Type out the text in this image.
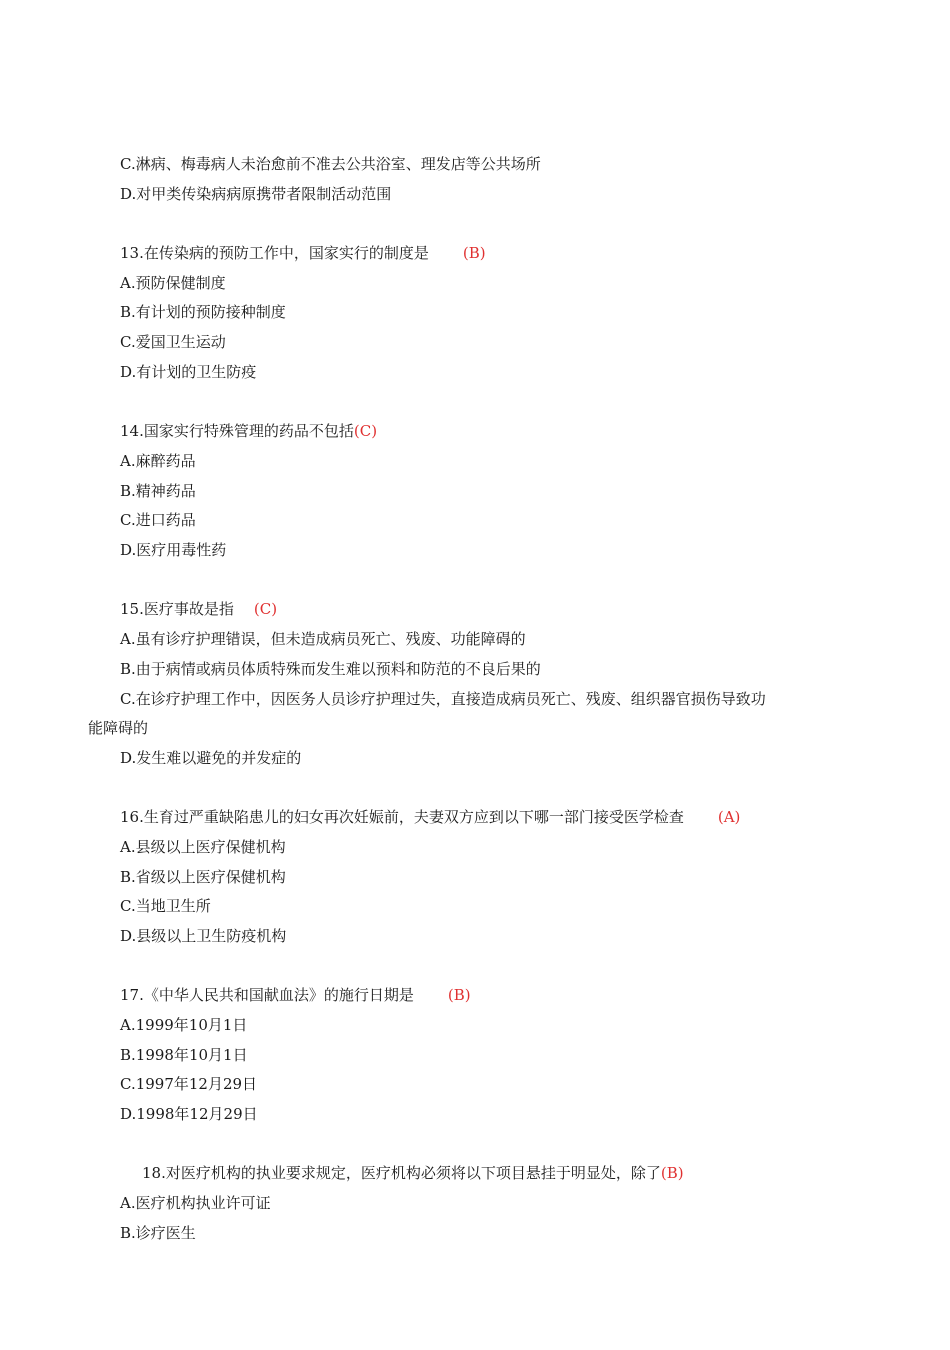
C.淋病、梅毒病人未治愈前不准去公共浴室、理发店等公共场所
D.对甲类传染病病原携带者限制活动范围
13.在传染病的预防工作中，国家实行的制度是 (B)
A.预防保健制度
B.有计划的预防接种制度
C.爱国卫生运动
D.有计划的卫生防疫
14.国家实行特殊管理的药品不包括(C)
A.麻醉药品
B.精神药品
C.进口药品
D.医疗用毒性药
15.医疗事故是指 (C)
A.虽有诊疗护理错误，但未造成病员死亡、残废、功能障碍的
B.由于病情或病员体质特殊而发生难以预料和防范的不良后果的
C.在诊疗护理工作中，因医务人员诊疗护理过失，直接造成病员死亡、残废、组织器官损伤导致功
能障碍的
D.发生难以避免的并发症的
16.生育过严重缺陷患儿的妇女再次妊娠前，夫妻双方应到以下哪一部门接受医学检查 (A)
A.县级以上医疗保健机构
B.省级以上医疗保健机构
C.当地卫生所
D.县级以上卫生防疫机构
17.《中华人民共和国献血法》的施行日期是 (B)
A.1999年10月1日
B.1998年10月1日
C.1997年12月29日
D.1998年12月29日
18.对医疗机构的执业要求规定，医疗机构必须将以下项目悬挂于明显处，除了(B)
A.医疗机构执业许可证
B.诊疗医生
